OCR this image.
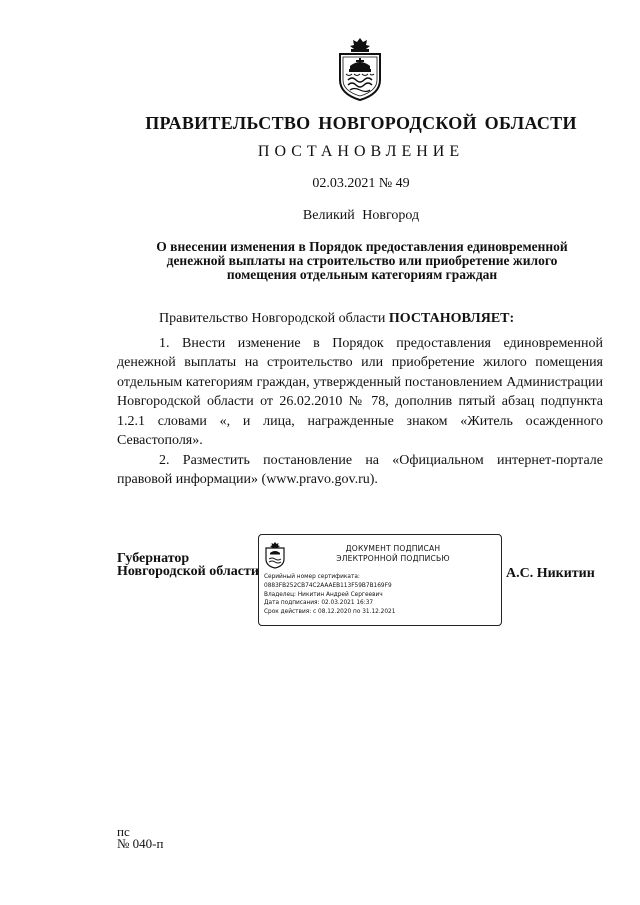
ПРАВИТЕЛЬСТВО НОВГОРОДСКОЙ ОБЛАСТИ
ПОСТАНОВЛЕНИЕ
02.03.2021 № 49
Великий Новгород
О внесении изменения в Порядок предоставления единовременной денежной выплаты на строительство или приобретение жилого помещения отдельным категориям граждан

Правительство Новгородской области ПОСТАНОВЛЯЕТ:

1. Внести изменение в Порядок предоставления единовременной денежной выплаты на строительство или приобретение жилого помещения отдельным категориям граждан, утвержденный постановлением Администрации Новгородской области от 26.02.2010 № 78, дополнив пятый абзац подпункта 1.2.1 словами «, и лица, награжденные знаком «Житель осажденного Севастополя».

2. Разместить постановление на «Официальном интернет-портале правовой информации» (www.pravo.gov.ru).

Губернатор
Новгородской области
ДОКУМЕНТ ПОДПИСАН
ЭЛЕКТРОННОЙ ПОДПИСЬЮ
Серийный номер сертификата:
0883FB252CB74C2AAAEB113F59B7B169F9
Владелец: Никитин Андрей Сергеевич
Дата подписания: 02.03.2021 16:37
Срок действия: с 08.12.2020 по 31.12.2021
А.С. Никитин
пс
№ 040-п
